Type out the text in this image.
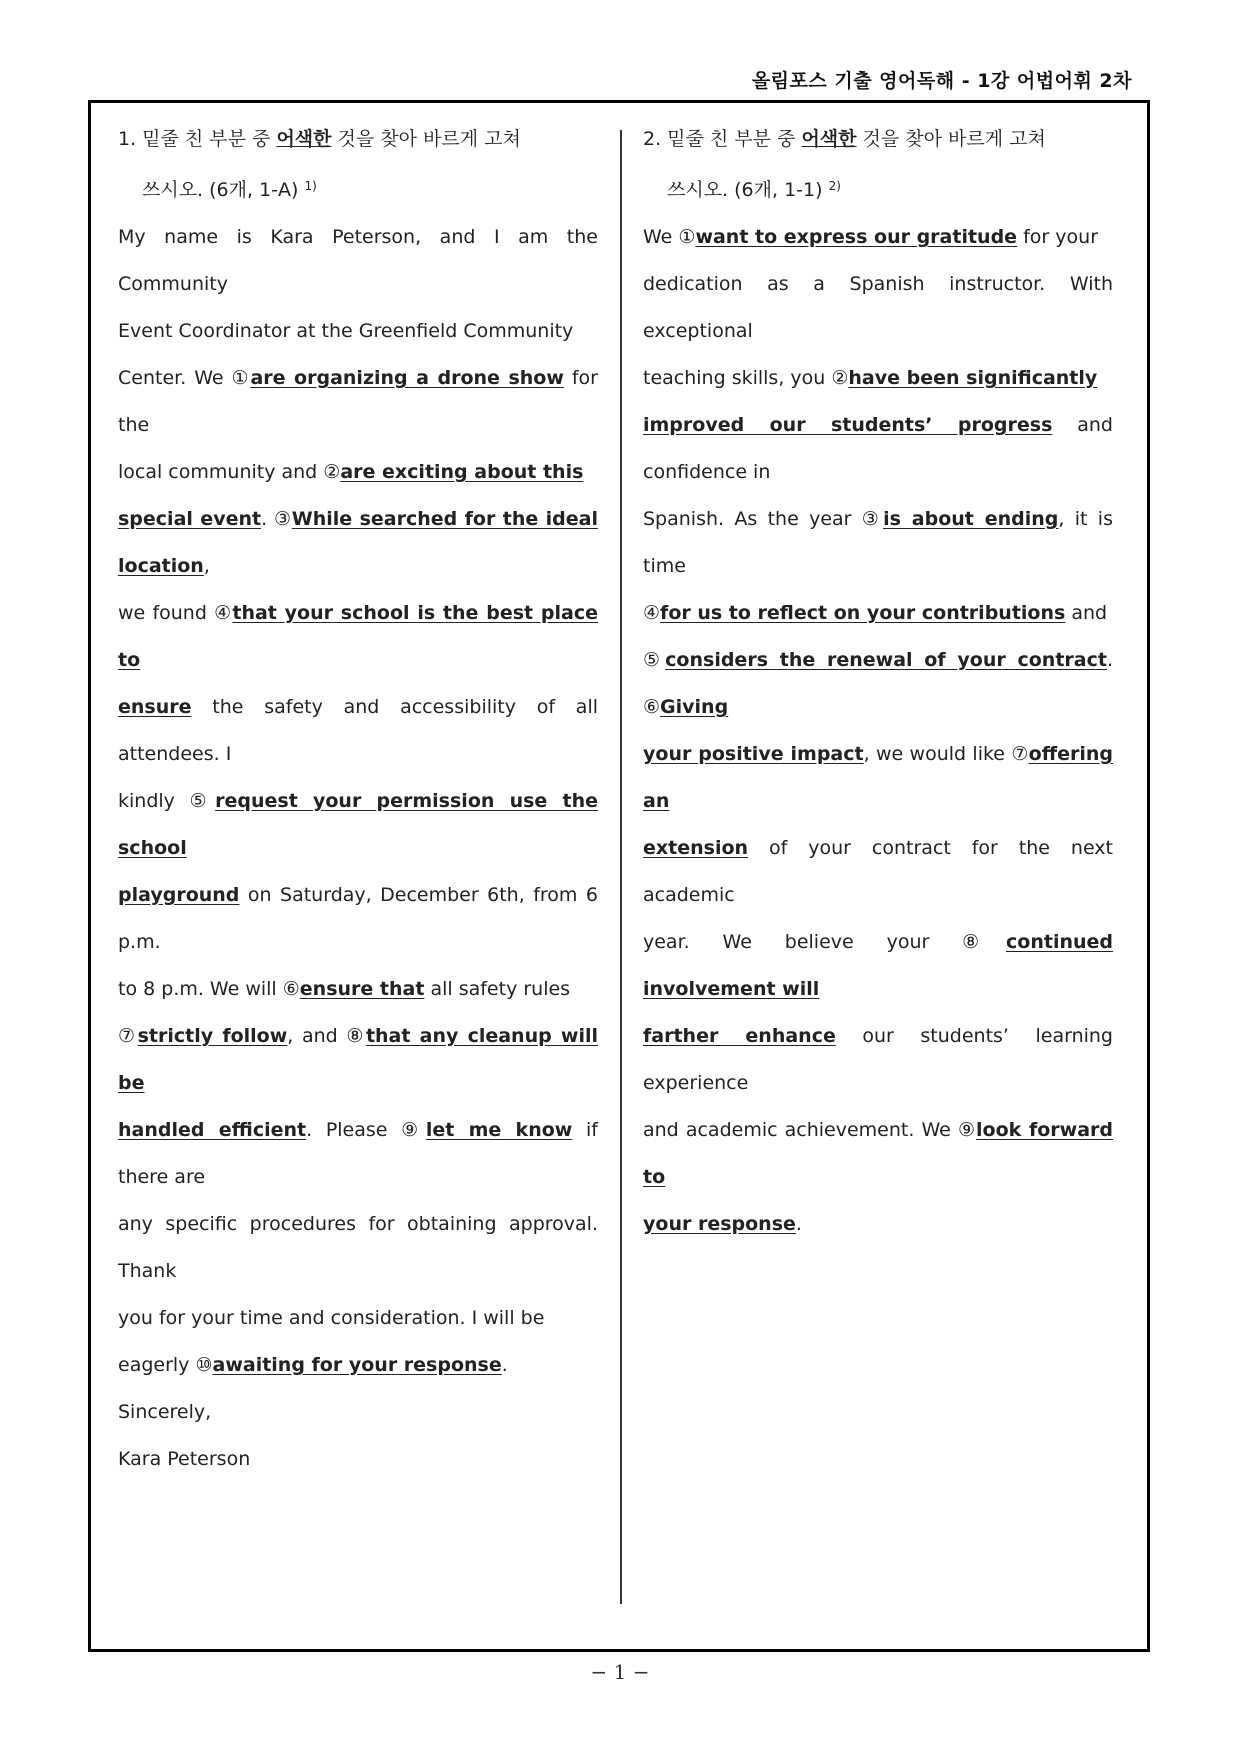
올림포스 기출 영어독해 - 1강 어법어휘 2차

1. 밑줄 친 부분 중 어색한 것을 찾아 바르게 고쳐
쓰시오. (6개, 1-A) $^{1)}$

My name is Kara Peterson, and I am the Community
Event Coordinator at the Greenfield Community
Center. We ①are organizing a drone show for the
local community and ②are exciting about this
special event. ③While searched for the ideal location,
we found ④that your school is the best place to
ensure the safety and accessibility of all attendees. I
kindly ⑤request your permission use the school
playground on Saturday, December 6th, from 6 p.m.
to 8 p.m. We will ⑥ensure that all safety rules
⑦strictly follow, and ⑧that any cleanup will be
handled efficient. Please ⑨let me know if there are
any specific procedures for obtaining approval. Thank
you for your time and consideration. I will be
eagerly ⑩awaiting for your response.
Sincerely,
Kara Peterson

2. 밑줄 친 부분 중 어색한 것을 찾아 바르게 고쳐
쓰시오. (6개, 1-1) $^{2)}$

We ①want to express our gratitude for your
dedication as a Spanish instructor. With exceptional
teaching skills, you ②have been significantly
improved our students’ progress and confidence in
Spanish. As the year ③is about ending, it is time
④for us to reflect on your contributions and
⑤considers the renewal of your contract. ⑥Giving
your positive impact, we would like ⑦offering an
extension of your contract for the next academic
year. We believe your ⑧continued involvement will
farther enhance our students’ learning experience
and academic achievement. We ⑨look forward to
your response.
− 1 −
